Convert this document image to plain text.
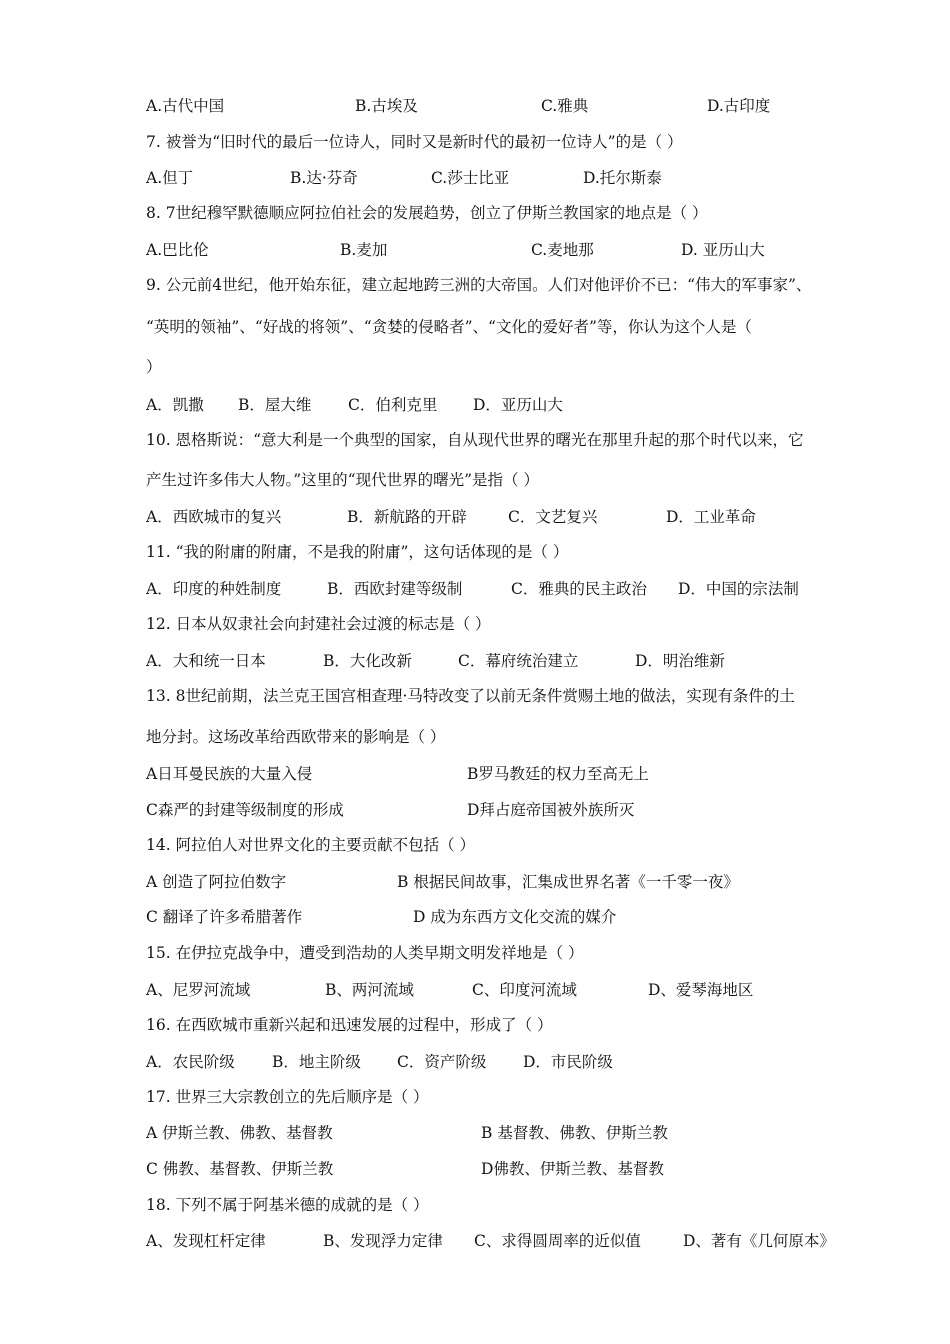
A.古代中国	B.古埃及	C.雅典	D.古印度
7. 被誉为“旧时代的最后一位诗人，同时又是新时代的最初一位诗人”的是（ ）
A.但丁	B.达·芬奇	C.莎士比亚	D.托尔斯泰
8. 7世纪穆罕默德顺应阿拉伯社会的发展趋势，创立了伊斯兰教国家的地点是（ ）
A.巴比伦	B.麦加	C.麦地那	D. 亚历山大
9. 公元前4世纪，他开始东征，建立起地跨三洲的大帝国。人们对他评价不已：“伟大的军事家”、
“英明的领袖”、“好战的将领”、“贪婪的侵略者”、“文化的爱好者”等，你认为这个人是（
）
A．凯撒 B．屋大维 C．伯利克里 D．亚历山大
10. 恩格斯说：“意大利是一个典型的国家，自从现代世界的曙光在那里升起的那个时代以来，它
产生过许多伟大人物。”这里的“现代世界的曙光”是指（ ）
A．西欧城市的复兴	B．新航路的开辟	C．文艺复兴	D．工业革命
11. “我的附庸的附庸，不是我的附庸”，这句话体现的是（ ）
A．印度的种姓制度	B．西欧封建等级制	C．雅典的民主政治 D．中国的宗法制
12. 日本从奴隶社会向封建社会过渡的标志是（ ）
A．大和统一日本	B．大化改新	C．幕府统治建立	D．明治维新
13. 8世纪前期，法兰克王国宫相查理·马特改变了以前无条件赏赐土地的做法，实现有条件的土
地分封。这场改革给西欧带来的影响是（ ）
A日耳曼民族的大量入侵	B罗马教廷的权力至高无上
C森严的封建等级制度的形成	D拜占庭帝国被外族所灭
14. 阿拉伯人对世界文化的主要贡献不包括（ ）
A 创造了阿拉伯数字	B 根据民间故事，汇集成世界名著《一千零一夜》
C 翻译了许多希腊著作	D 成为东西方文化交流的媒介
15. 在伊拉克战争中，遭受到浩劫的人类早期文明发祥地是（ ）
A、尼罗河流域	B、两河流域	C、印度河流域	D、爱琴海地区
16. 在西欧城市重新兴起和迅速发展的过程中，形成了（ ）
A．农民阶级 B．地主阶级 C．资产阶级 D．市民阶级
17. 世界三大宗教创立的先后顺序是（ ）
A 伊斯兰教、佛教、基督教	B 基督教、佛教、伊斯兰教
C 佛教、基督教、伊斯兰教	D佛教、伊斯兰教、基督教
18. 下列不属于阿基米德的成就的是（ ）
A、发现杠杆定律	B、发现浮力定律 C、求得圆周率的近似值	D、著有《几何原本》
